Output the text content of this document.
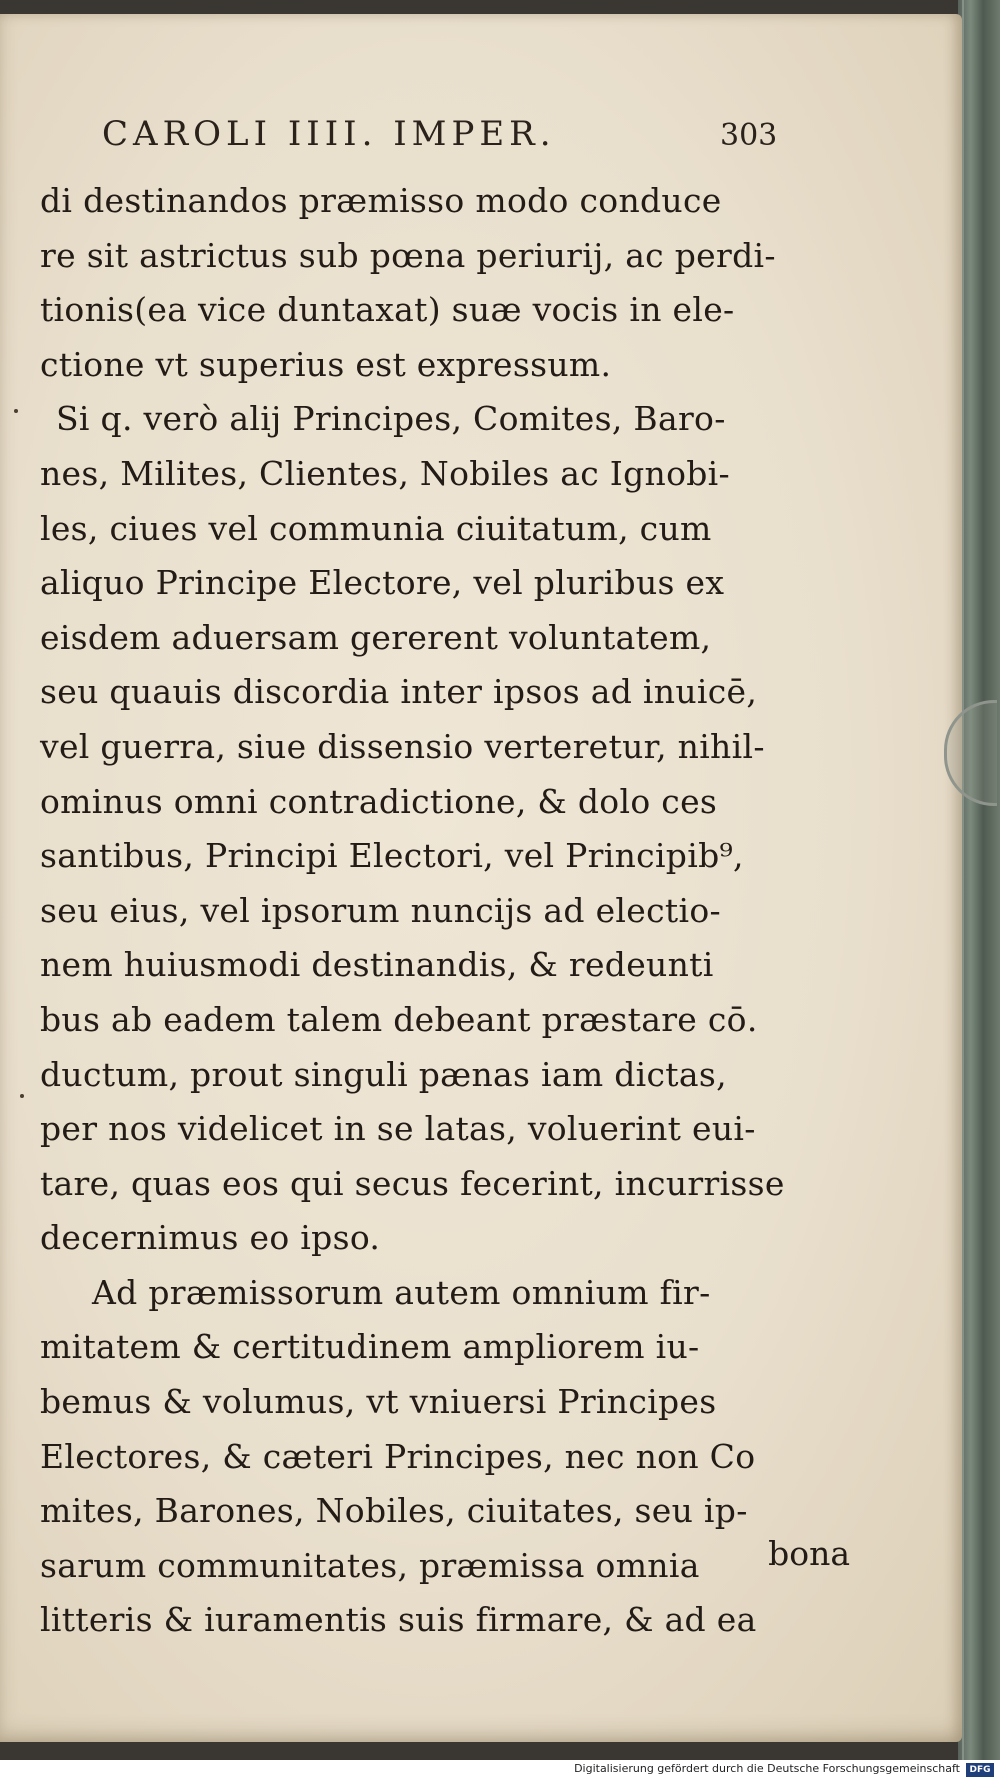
CAROLI IIII. IMPER.	303
di destinandos præmisso modo conduce
re sit astrictus sub pœna periurij, ac perdi-
tionis(ea vice duntaxat) suæ vocis in ele-
ctione vt superius est expressum.
Si q. verò alij Principes, Comites, Baro-
nes, Milites, Clientes, Nobiles ac Ignobi-
les, ciues vel communia ciuitatum, cum
aliquo Principe Electore, vel pluribus ex
eisdem aduersam gererent voluntatem,
seu quauis discordia inter ipsos ad inuicē,
vel guerra, siue dissensio verteretur, nihil-
ominus omni contradictione, & dolo ces
santibus, Principi Electori, vel Principib⁹,
seu eius, vel ipsorum nuncijs ad electio-
nem huiusmodi destinandis, & redeunti
bus ab eadem talem debeant præstare cō.
ductum, prout singuli pænas iam dictas,
per nos videlicet in se latas, voluerint eui-
tare, quas eos qui secus fecerint, incurrisse
decernimus eo ipso.
Ad præmissorum autem omnium fir-
mitatem & certitudinem ampliorem iu-
bemus & volumus, vt vniuersi Principes
Electores, & cæteri Principes, nec non Co
mites, Barones, Nobiles, ciuitates, seu ip-
sarum communitates, præmissa omnia
litteris & iuramentis suis firmare, & ad ea
bona
Digitalisierung gefördert durch die Deutsche Forschungsgemeinschaft	DFG
